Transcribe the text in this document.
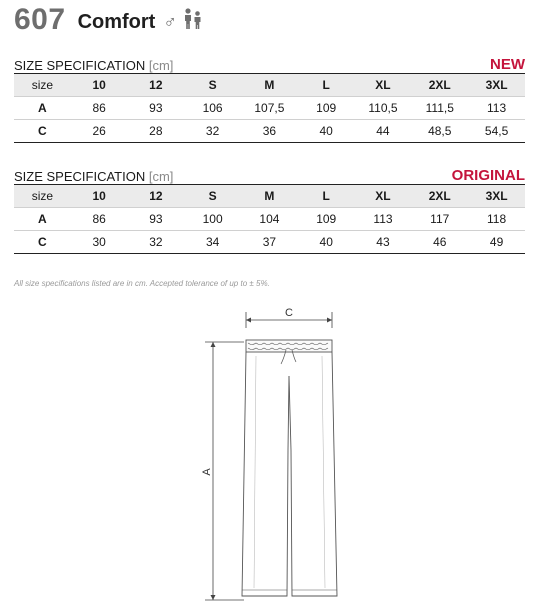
607 Comfort ♂
SIZE SPECIFICATION [cm]	NEW
size	10	12	S	M	L	XL	2XL	3XL
A	86	93	106	107,5	109	110,5	111,5	113
C	26	28	32	36	40	44	48,5	54,5
SIZE SPECIFICATION [cm]	ORIGINAL
size	10	12	S	M	L	XL	2XL	3XL
A	86	93	100	104	109	113	117	118
C	30	32	34	37	40	43	46	49
All size specifications listed are in cm. Accepted tolerance of up to ± 5%.
C
A
